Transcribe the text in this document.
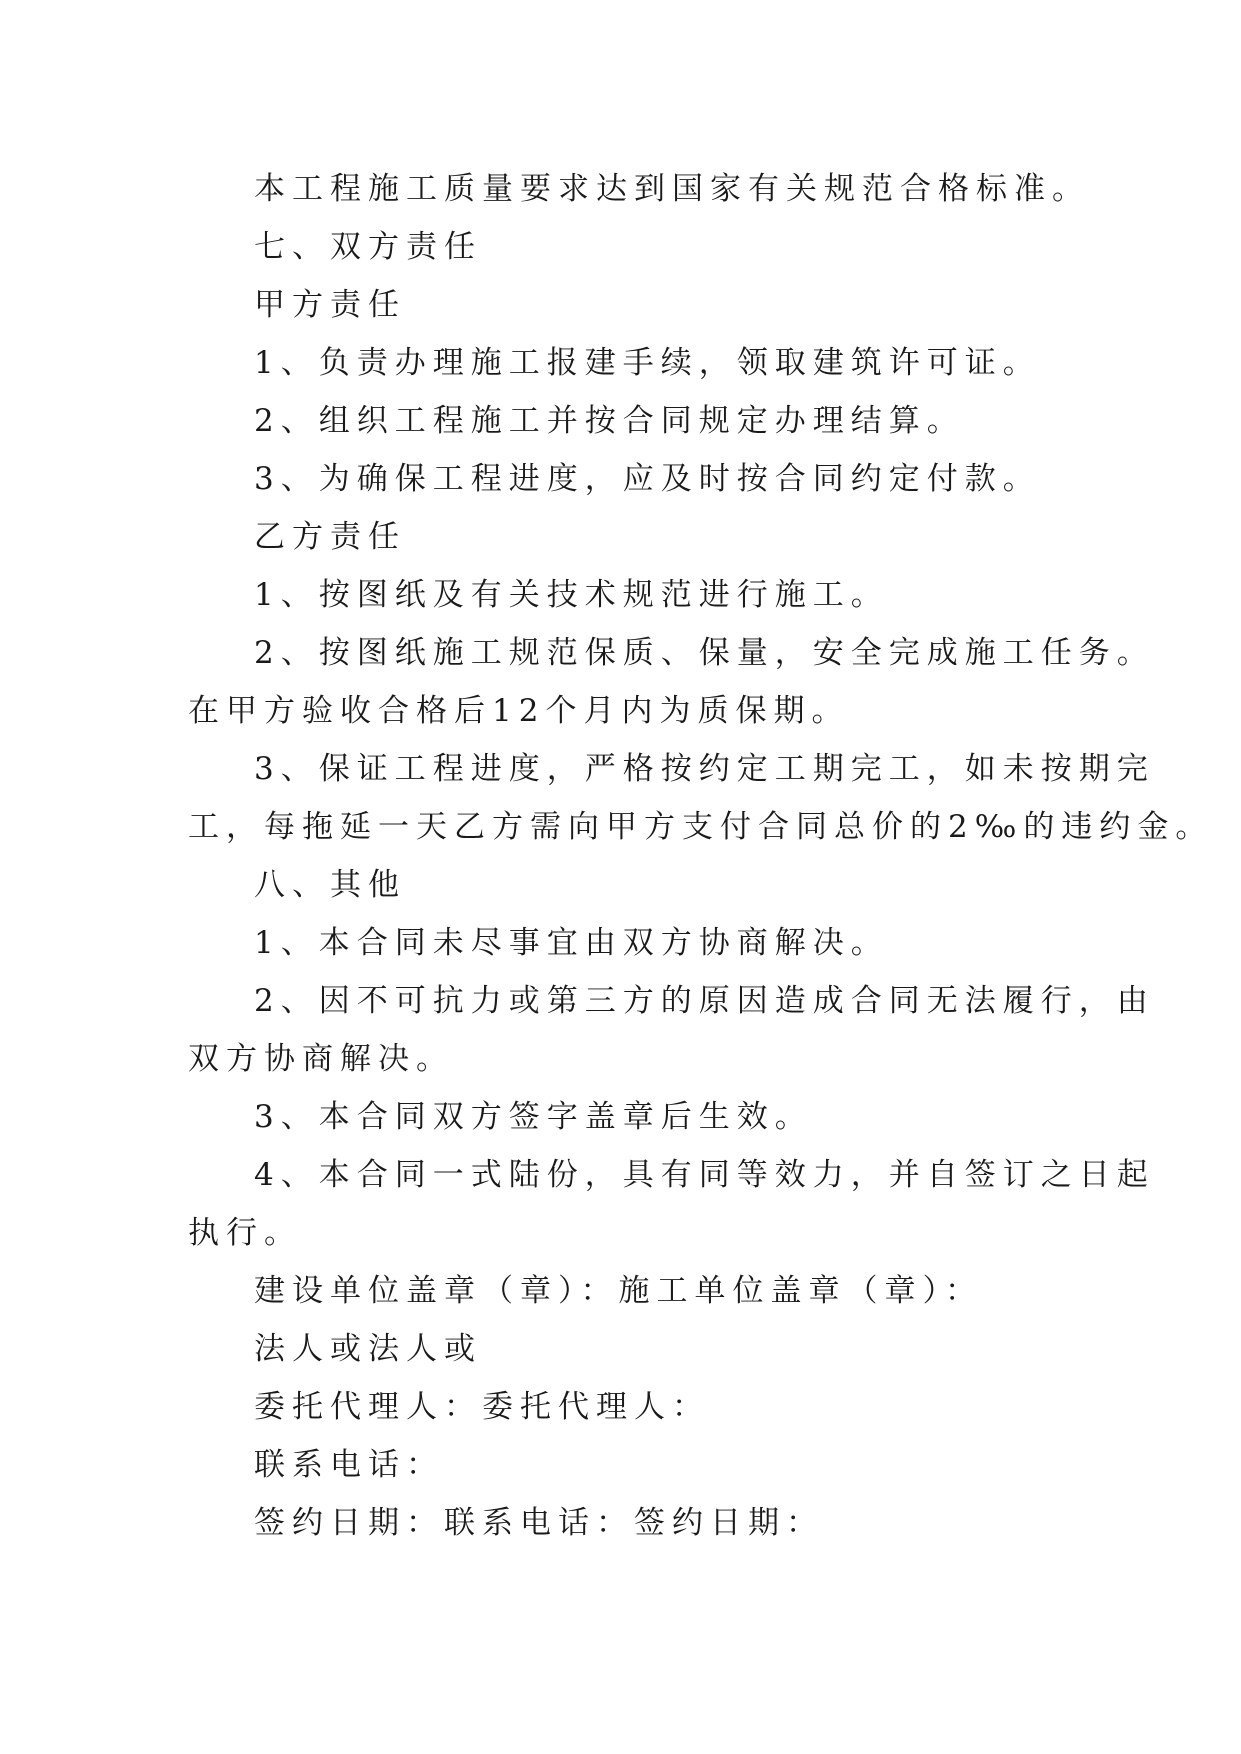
本工程施工质量要求达到国家有关规范合格标准。
七、双方责任
甲方责任
1、负责办理施工报建手续，领取建筑许可证。
2、组织工程施工并按合同规定办理结算。
3、为确保工程进度，应及时按合同约定付款。
乙方责任
1、按图纸及有关技术规范进行施工。
2、按图纸施工规范保质、保量，安全完成施工任务。
在甲方验收合格后12个月内为质保期。
3、保证工程进度，严格按约定工期完工，如未按期完
工，每拖延一天乙方需向甲方支付合同总价的2‰的违约金。
八、其他
1、本合同未尽事宜由双方协商解决。
2、因不可抗力或第三方的原因造成合同无法履行，由
双方协商解决。
3、本合同双方签字盖章后生效。
4、本合同一式陆份，具有同等效力，并自签订之日起
执行。
建设单位盖章（章）：施工单位盖章（章）：
法人或法人或
委托代理人：委托代理人：
联系电话：
签约日期：联系电话：签约日期：
